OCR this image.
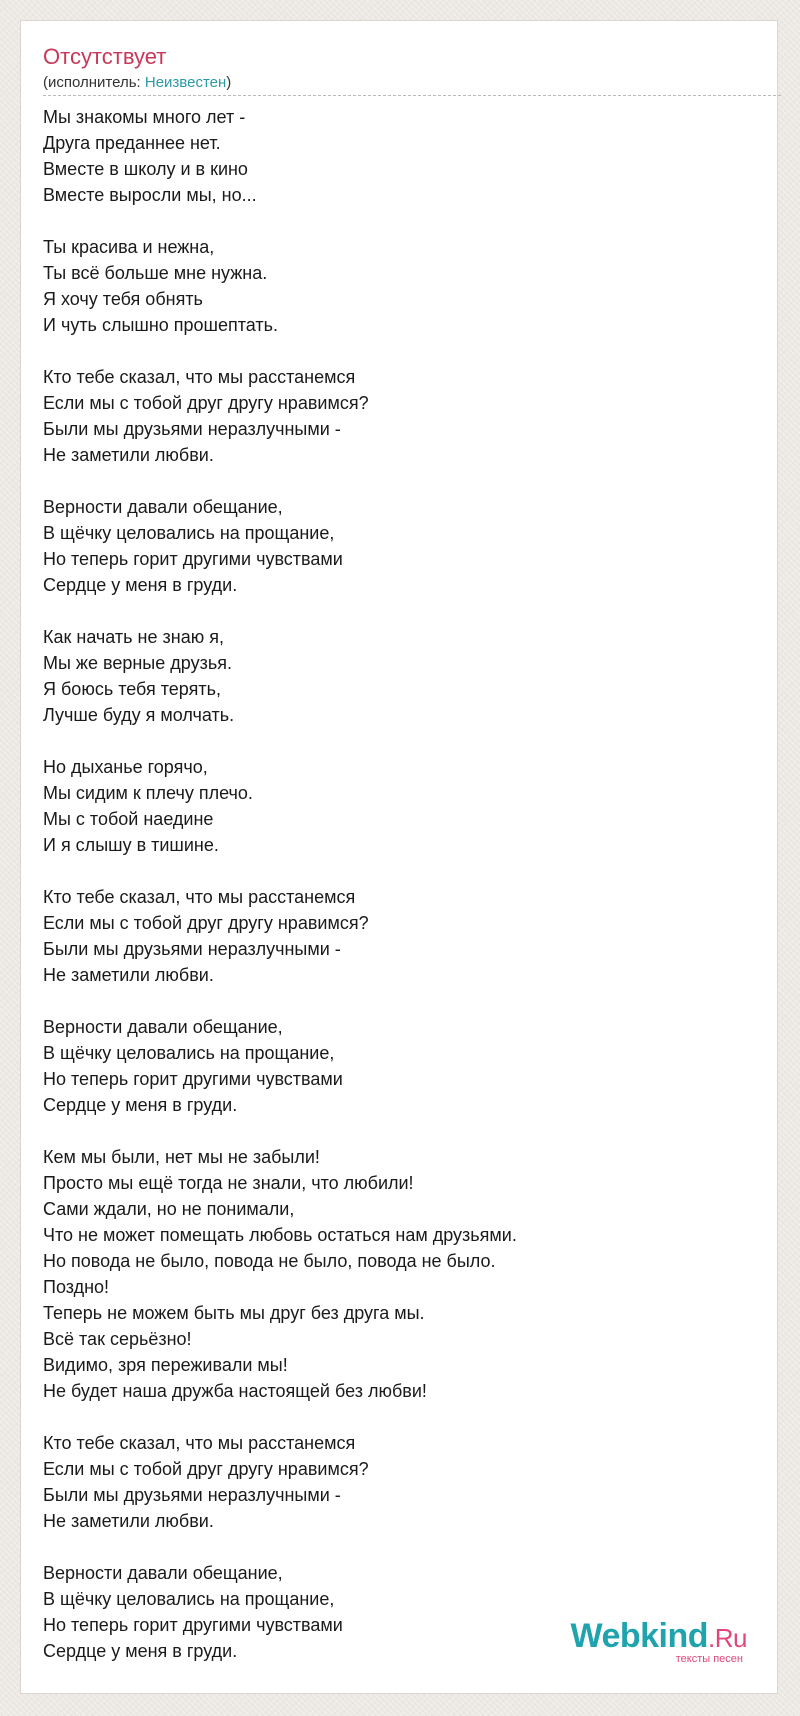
Отсутствует
(исполнитель: Неизвестен)
Мы знакомы много лет -
Друга преданнее нет.
Вместе в школу и в кино
Вместе выросли мы, но...
Ты красива и нежна,
Ты всё больше мне нужна.
Я хочу тебя обнять
И чуть слышно прошептать.
Кто тебе сказал, что мы расстанемся
Если мы с тобой друг другу нравимся?
Были мы друзьями неразлучными -
Не заметили любви.
Верности давали обещание,
В щёчку целовались на прощание,
Но теперь горит другими чувствами
Сердце у меня в груди.
Как начать не знаю я,
Мы же верные друзья.
Я боюсь тебя терять,
Лучше буду я молчать.
Но дыханье горячо,
Мы сидим к плечу плечо.
Мы с тобой наедине
И я слышу в тишине.
Кто тебе сказал, что мы расстанемся
Если мы с тобой друг другу нравимся?
Были мы друзьями неразлучными -
Не заметили любви.
Верности давали обещание,
В щёчку целовались на прощание,
Но теперь горит другими чувствами
Сердце у меня в груди.
Кем мы были, нет мы не забыли!
Просто мы ещё тогда не знали, что любили!
Сами ждали, но не понимали,
Что не может помещать любовь остаться нам друзьями.
Но повода не было, повода не было, повода не было.
Поздно!
Теперь не можем быть мы друг без друга мы.
Всё так серьёзно!
Видимо, зря переживали мы!
Не будет наша дружба настоящей без любви!
Кто тебе сказал, что мы расстанемся
Если мы с тобой друг другу нравимся?
Были мы друзьями неразлучными -
Не заметили любви.
Верности давали обещание,
В щёчку целовались на прощание,
Но теперь горит другими чувствами
Сердце у меня в груди.	Webkind.Ru
тексты песен
